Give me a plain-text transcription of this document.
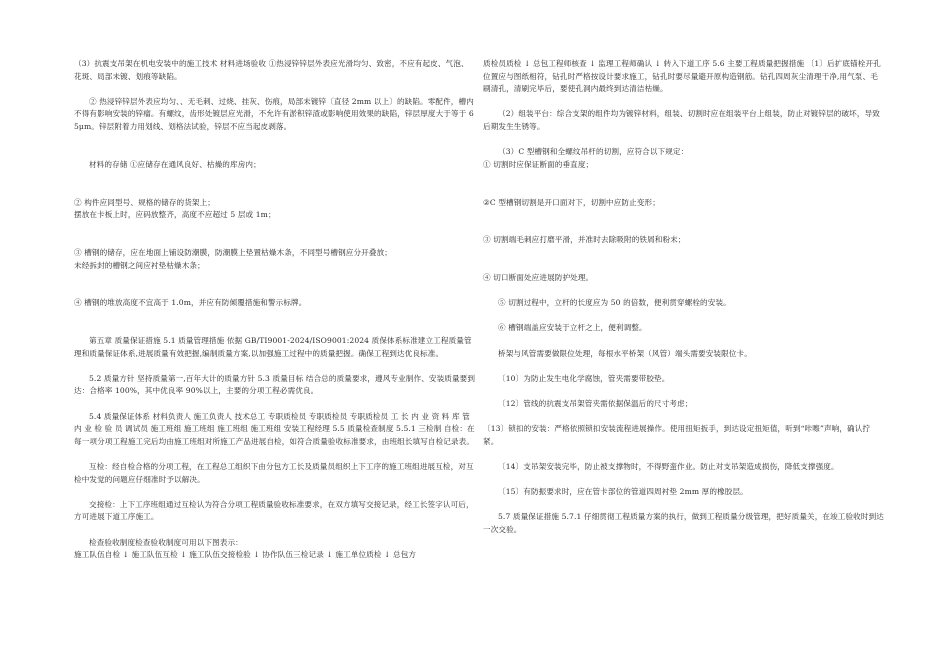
（3）抗震支吊架在机电安装中的施工技术 材料进场验收 ①热浸锌锌层外表应光滑均匀、致密，不应有起皮、气泡、花斑、局部未镀、划痕等缺陷。

② 热浸锌锌层外表应均匀、、无毛刺、过烧、挂灰、伤痕，局部未镀锌〔直径 2mm 以上〕的缺陷。零配件，槽内不得有影响安装的锌瘤。有螺纹，齿形处镀层应光滑，不允许有淤积锌渣或影响使用效果的缺陷，锌层厚度大于等于 65μm。锌层附着力用划线、划格法试验，锌层不应当起皮剥落。

材料的存储 ①应储存在通风良好、枯燥的库房内；

② 构件应同型号、规格的储存的货架上；

摆放在卡板上时，应码放整齐，高度不应超过 5 层或 1m；

③ 槽钢的储存，应在地面上铺设防潮膜，防潮膜上垫置枯燥木条，不同型号槽钢应分开叠放；

未经拆封的槽钢之间应衬垫枯燥木条；

④ 槽钢的堆放高度不宜高于 1.0m，并应有防倾覆措施和警示标牌。

第五章 质量保证措施 5.1 质量管理措施 依据 GB/TI9001-2024/ISO9001:2024 质保体系标准建立工程质量管理和质量保证体系,进展质量有效把握,编制质量方案,以加强施工过程中的质量把握。确保工程到达优良标准。

5.2 质量方针 坚持质量第一,百年大计的质量方针 5.3 质量目标 结合总的质量要求，遵风专业制作、安装质量要到达：合格率 100%，其中优良率 90%以上，主要的分项工程必需优良。

5.4 质量保证体系 材料负责人 施工负责人 技术总工 专职质检员 专职质检员 专职质检员 工 长 内 业 资 料 库 管 内 业 检 验 员 调试员 施工班组 施工班组 施工班组 施工班组 安装工程经理 5.5 质量检查制度 5.5.1 三检制 自检：在每一项分项工程施工完后均由施工班组对所施工产品进展自检，如符合质量验收标准要求，由班组长填写自检记录表。

互检：经自检合格的分项工程，在工程总工组织下由分包方工长及质量员组织上下工序的施工班组进展互检，对互检中发觉的问题应仔细准时予以解决。

交接检：上下工序班组通过互检认为符合分项工程质量验收标准要求，在双方填写交接记录，经工长签字认可后，方可进展下道工序施工。

检查验收制度检查验收制度可用以下图表示：

施工队伍自检 ↓ 施工队伍互检 ↓ 施工队伍交接检验 ↓ 协作队伍三检记录 ↓ 施工单位质检 ↓ 总包方

质检员质检 ↓ 总包工程师核查 ↓ 监理工程师确认 ↓ 转入下道工序 5.6 主要工程质量把握措施 〔1〕后扩底锚栓开孔位置应与图纸相符，钻孔时严格按设计要求施工，钻孔时要尽量避开原构造钢筋。钻孔四周灰尘清理干净,用气泵、毛刷清孔，清刷完毕后，要使孔洞内最终到达清洁枯燥。

（2）组装平台：综合支架的组件均为镀锌材料，组装、切割时应在组装平台上组装，防止对镀锌层的破坏，导致后期发生生锈等。

（3）C 型槽钢和全螺纹吊杆的切割，应符合以下规定：

① 切割时应保证断面的垂直度；

②C 型槽钢切割是开口面对下，切割中应防止变形；

③ 切割端毛刺应打磨平滑，并准时去除吸附的铁屑和粉末；

④ 切口断面处应进展防护处理。

⑤ 切割过程中，立杆的长度应为 50 的倍数，便利贯穿螺栓的安装。

⑥ 槽钢端盖应安装于立杆之上，便利调整。

桥架与风管需要做限位处理，每根水平桥架（风管）端头需要安装限位卡。

〔10〕为防止发生电化学腐蚀，管夹需要带胶垫。

〔12〕管线的抗震支吊架管夹需依据保温后的尺寸考虑；

〔13〕锁扣的安装：严格依照锁扣安装流程进展操作。使用扭矩扳手，到达设定扭矩值，听到“咔嚓”声响，确认拧紧。

〔14〕支吊架安装完毕，防止被支撑物时，不得野蛮作业。防止对支吊架造成损伤，降低支撑强度。

〔15〕有防振要求时，应在管卡部位的管道四周衬垫 2mm 厚的橡胶层。

5.7 质量保证措施 5.7.1 仔细贯彻工程质量方案的执行，做到工程质量分级管理，把好质量关，在竣工验收时到达一次交验。
